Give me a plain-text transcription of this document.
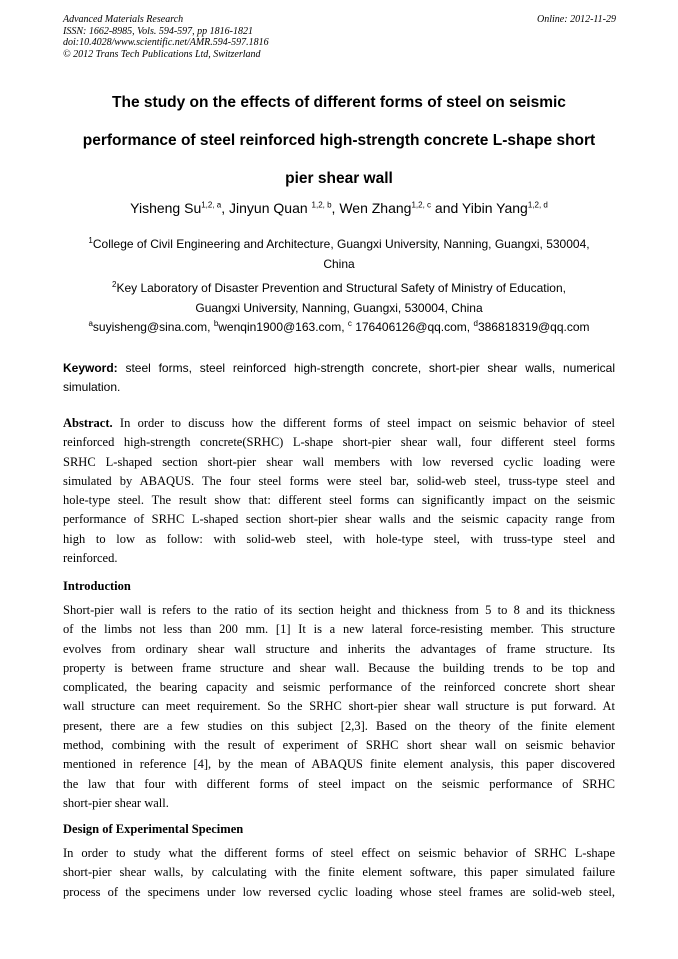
Advanced Materials Research
ISSN: 1662-8985, Vols. 594-597, pp 1816-1821
doi:10.4028/www.scientific.net/AMR.594-597.1816
© 2012 Trans Tech Publications Ltd, Switzerland
Online: 2012-11-29
The study on the effects of different forms of steel on seismic
performance of steel reinforced high-strength concrete L-shape short
pier shear wall
Yisheng Su$^{1,2, a}$, Jinyun Quan $^{1,2, b}$, Wen Zhang$^{1,2, c}$ and Yibin Yang$^{1,2, d}$
$^1$College of Civil Engineering and Architecture, Guangxi University, Nanning, Guangxi, 530004,
China
$^2$Key Laboratory of Disaster Prevention and Structural Safety of Ministry of Education,
Guangxi University, Nanning, Guangxi, 530004, China
$^a$suyisheng@sina.com, $^b$wenqin1900@163.com, $^c$ 176406126@qq.com, $^d$386818319@qq.com
Keyword: steel forms, steel reinforced high-strength concrete, short-pier shear walls, numerical
simulation.
Abstract. In order to discuss how the different forms of steel impact on seismic behavior of steel
reinforced high-strength concrete(SRHC) L-shape short-pier shear wall, four different steel forms
SRHC L-shaped section short-pier shear wall members with low reversed cyclic loading were
simulated by ABAQUS. The four steel forms were steel bar, solid-web steel, truss-type steel and
hole-type steel. The result show that: different steel forms can significantly impact on the seismic
performance of SRHC L-shaped section short-pier shear walls and the seismic capacity range from
high to low as follow: with solid-web steel, with hole-type steel, with truss-type steel and
reinforced.
Introduction
Short-pier wall is refers to the ratio of its section height and thickness from 5 to 8 and its thickness
of the limbs not less than 200 mm. [1] It is a new lateral force-resisting member. This structure
evolves from ordinary shear wall structure and inherits the advantages of frame structure. Its
property is between frame structure and shear wall. Because the building trends to be top and
complicated, the bearing capacity and seismic performance of the reinforced concrete short shear
wall structure can meet requirement. So the SRHC short-pier shear wall structure is put forward. At
present, there are a few studies on this subject [2,3]. Based on the theory of the finite element
method, combining with the result of experiment of SRHC short shear wall on seismic behavior
mentioned in reference [4], by the mean of ABAQUS finite element analysis, this paper discovered
the law that four with different forms of steel impact on the seismic performance of SRHC
short-pier shear wall.
Design of Experimental Specimen
In order to study what the different forms of steel effect on seismic behavior of SRHC L-shape
short-pier shear walls, by calculating with the finite element software, this paper simulated failure
process of the specimens under low reversed cyclic loading whose steel frames are solid-web steel,
